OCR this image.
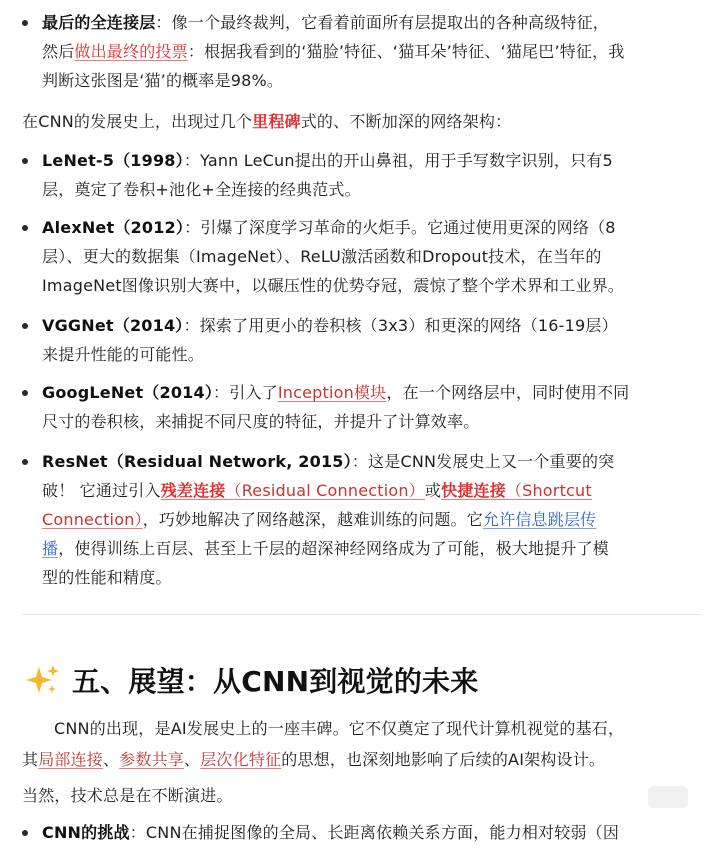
最后的全连接层：像一个最终裁判，它看着前面所有层提取出的各种高级特征，
然后做出最终的投票：根据我看到的‘猫脸’特征、‘猫耳朵’特征、‘猫尾巴’特征，我
判断这张图是‘猫’的概率是98%。
在CNN的发展史上，出现过几个里程碑式的、不断加深的网络架构：
LeNet-5（1998）：Yann LeCun提出的开山鼻祖，用于手写数字识别，只有5
层，奠定了卷积+池化+全连接的经典范式。
AlexNet（2012）：引爆了深度学习革命的火炬手。它通过使用更深的网络（8
层）、更大的数据集（ImageNet）、ReLU激活函数和Dropout技术，在当年的
ImageNet图像识别大赛中，以碾压性的优势夺冠，震惊了整个学术界和工业界。
VGGNet（2014）：探索了用更小的卷积核（3x3）和更深的网络（16-19层）
来提升性能的可能性。
GoogLeNet（2014）：引入了Inception模块，在一个网络层中，同时使用不同
尺寸的卷积核，来捕捉不同尺度的特征，并提升了计算效率。
ResNet（Residual Network, 2015）：这是CNN发展史上又一个重要的突
破！ 它通过引入残差连接（Residual Connection）或快捷连接（Shortcut
Connection），巧妙地解决了网络越深，越难训练的问题。它允许信息跳层传
播，使得训练上百层、甚至上千层的超深神经网络成为了可能，极大地提升了模
型的性能和精度。
五、展望：从CNN到视觉的未来
CNN的出现，是AI发展史上的一座丰碑。它不仅奠定了现代计算机视觉的基石，
其局部连接、参数共享、层次化特征的思想，也深刻地影响了后续的AI架构设计。
当然，技术总是在不断演进。
CNN的挑战：CNN在捕捉图像的全局、长距离依赖关系方面，能力相对较弱（因
